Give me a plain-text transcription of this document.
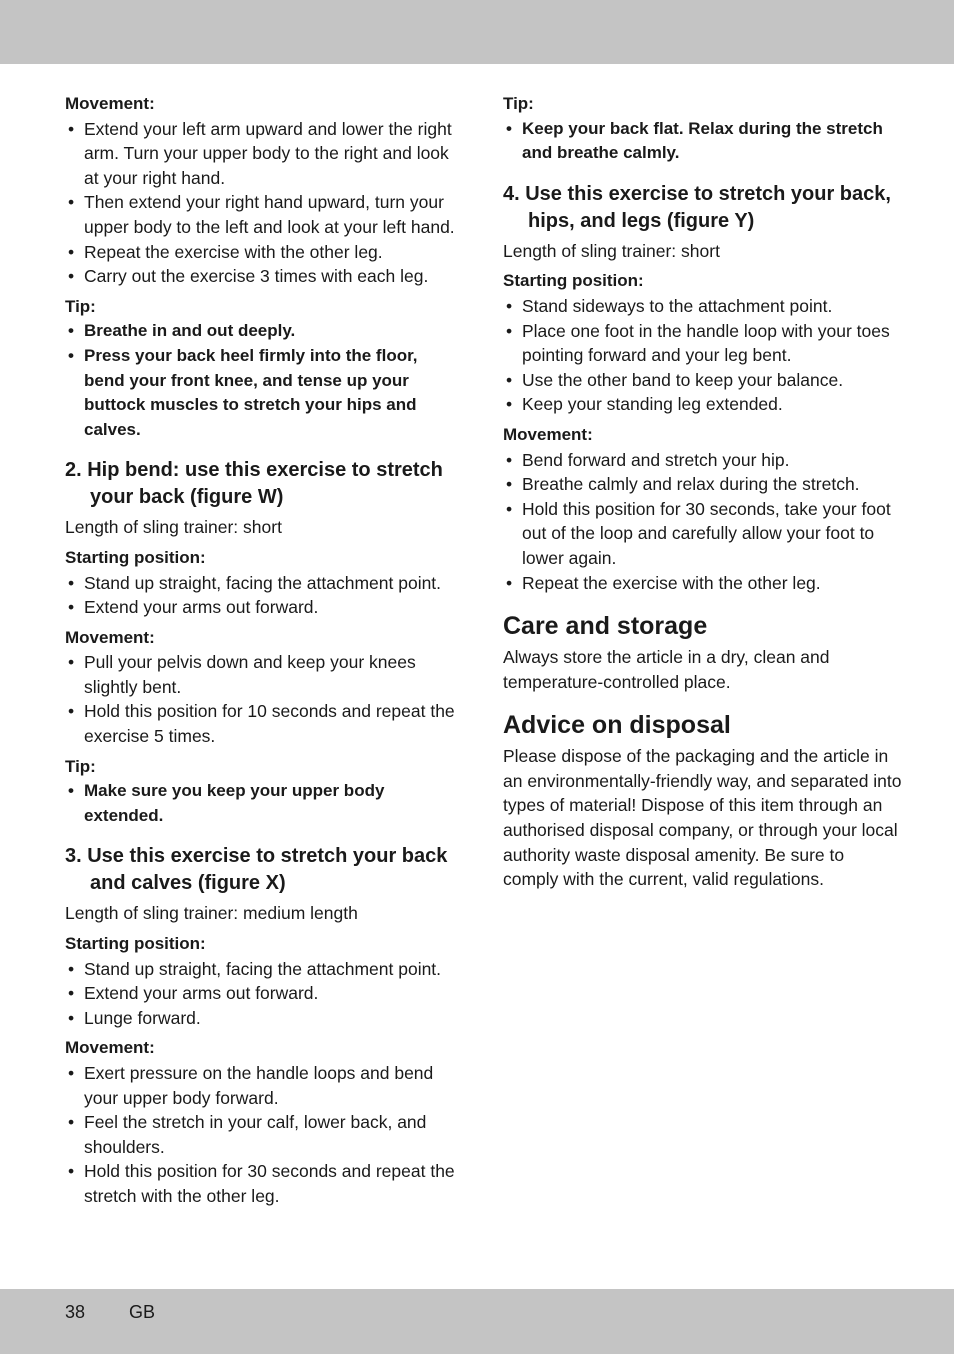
Movement:
• Extend your left arm upward and lower the right arm. Turn your upper body to the right and look at your right hand.
• Then extend your right hand upward, turn your upper body to the left and look at your left hand.
• Repeat the exercise with the other leg.
• Carry out the exercise 3 times with each leg.
Tip:
• Breathe in and out deeply.
• Press your back heel firmly into the floor, bend your front knee, and tense up your buttock muscles to stretch your hips and calves.
2. Hip bend: use this exercise to stretch your back (figure W)

Length of sling trainer: short

Starting position:
• Stand up straight, facing the attachment point.
• Extend your arms out forward.
Movement:
• Pull your pelvis down and keep your knees slightly bent.
• Hold this position for 10 seconds and repeat the exercise 5 times.
Tip:
• Make sure you keep your upper body extended.
3. Use this exercise to stretch your back and calves (figure X)

Length of sling trainer: medium length

Starting position:
• Stand up straight, facing the attachment point.
• Extend your arms out forward.
• Lunge forward.
Movement:
• Exert pressure on the handle loops and bend your upper body forward.
• Feel the stretch in your calf, lower back, and shoulders.
• Hold this position for 30 seconds and repeat the stretch with the other leg.
Tip:
• Keep your back flat. Relax during the stretch and breathe calmly.
4. Use this exercise to stretch your back, hips, and legs (figure Y)

Length of sling trainer: short

Starting position:
• Stand sideways to the attachment point.
• Place one foot in the handle loop with your toes pointing forward and your leg bent.
• Use the other band to keep your balance.
• Keep your standing leg extended.
Movement:
• Bend forward and stretch your hip.
• Breathe calmly and relax during the stretch.
• Hold this position for 30 seconds, take your foot out of the loop and carefully allow your foot to lower again.
• Repeat the exercise with the other leg.
Care and storage

Always store the article in a dry, clean and temperature-controlled place.

Advice on disposal

Please dispose of the packaging and the article in an environmentally-friendly way, and separated into types of material! Dispose of this item through an authorised disposal company, or through your local authority waste disposal amenity. Be sure to comply with the current, valid regulations.

38 GB
